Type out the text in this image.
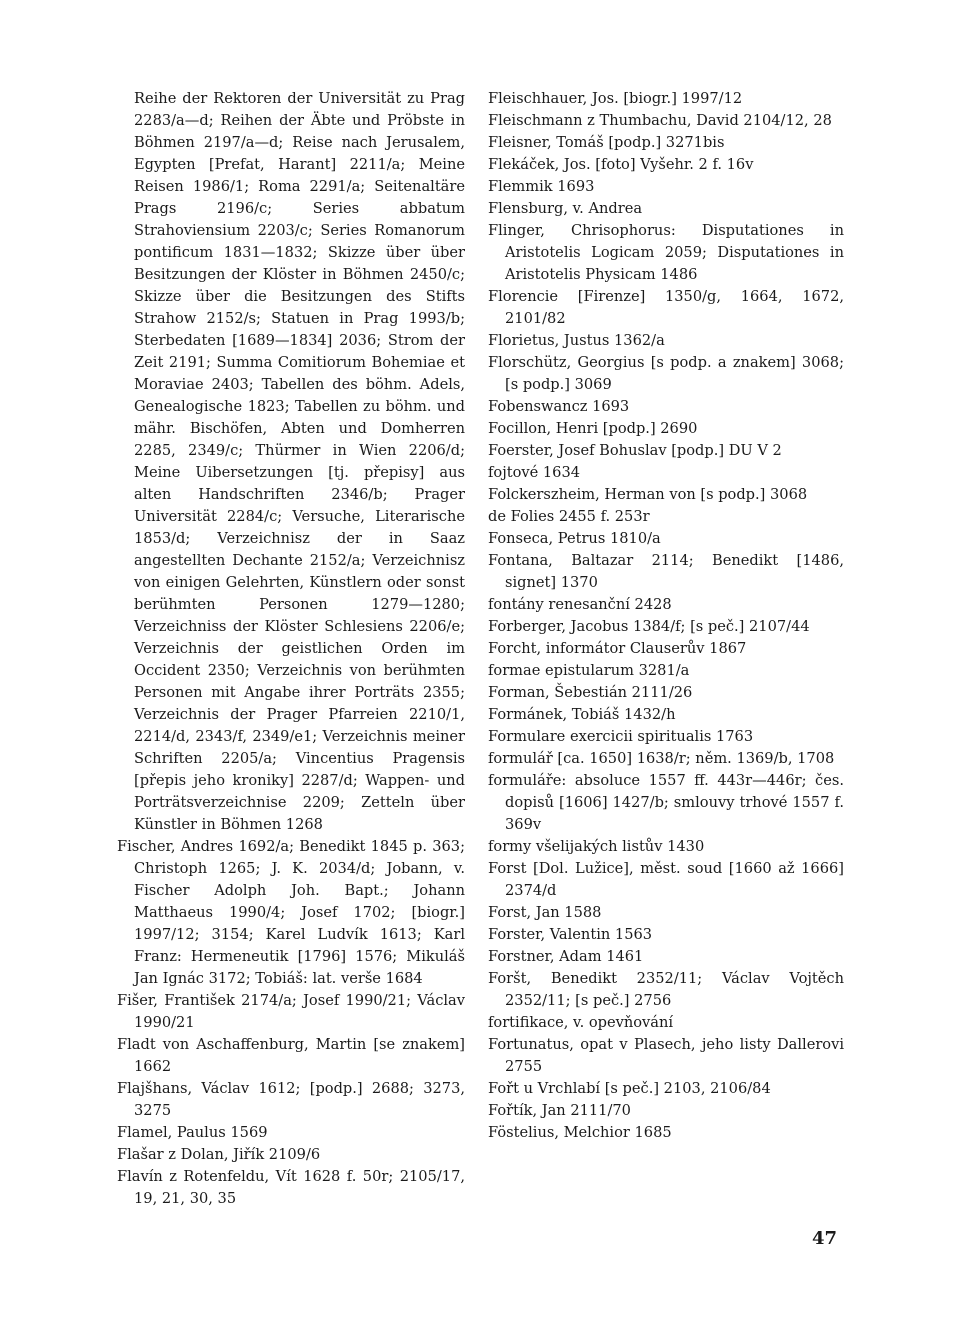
Reihe der Rektoren der Universität zu Prag 2283/a—d; Reihen der Äbte und Pröbste in Böhmen 2197/a—d; Reise nach Jerusalem, Egypten [Prefat, Harant] 2211/a; Meine Reisen 1986/1; Roma 2291/a; Seitenaltäre Prags 2196/c; Series abbatum Strahoviensium 2203/c; Series Romanorum pontificum 1831—1832; Skizze über über Besitzungen der Klöster in Böhmen 2450/c; Skizze über die Besitzungen des Stifts Strahow 2152/s; Statuen in Prag 1993/b; Sterbedaten [1689—1834] 2036; Strom der Zeit 2191; Summa Comitiorum Bohemiae et Moraviae 2403; Tabellen des böhm. Adels, Genealogische 1823; Tabellen zu böhm. und mähr. Bischöfen, Abten und Domherren 2285, 2349/c; Thürmer in Wien 2206/d; Meine Uibersetzungen [tj. přepisy] aus alten Handschriften 2346/b; Prager Universität 2284/c; Versuche, Literarische 1853/d; Verzeichnisz der in Saaz angestellten Dechante 2152/a; Verzeichnisz von einigen Gelehrten, Künstlern oder sonst berühmten Personen 1279—1280; Verzeichniss der Klöster Schlesiens 2206/e; Verzeichnis der geistlichen Orden im Occident 2350; Verzeichnis von berühmten Personen mit Angabe ihrer Porträts 2355; Verzeichnis der Prager Pfarreien 2210/1, 2214/d, 2343/f, 2349/e1; Verzeichnis meiner Schriften 2205/a; Vincentius Pragensis [přepis jeho kroniky] 2287/d; Wappen- und Porträtsverzeichnise 2209; Zetteln über Künstler in Böhmen 1268

Fischer, Andres 1692/a; Benedikt 1845 p. 363; Christoph 1265; J. K. 2034/d; Jobann, v. Fischer Adolph Joh. Bapt.; Johann Matthaeus 1990/4; Josef 1702; [biogr.] 1997/12; 3154; Karel Ludvík 1613; Karl Franz: Hermeneutik [1796] 1576; Mikuláš Jan Ignác 3172; Tobiáš: lat. verše 1684

Fišer, František 2174/a; Josef 1990/21; Václav 1990/21

Fladt von Aschaffenburg, Martin [se znakem] 1662

Flajšhans, Václav 1612; [podp.] 2688; 3273, 3275

Flamel, Paulus 1569

Flašar z Dolan, Jiřík 2109/6

Flavín z Rotenfeldu, Vít 1628 f. 50r; 2105/17, 19, 21, 30, 35

Fleischhauer, Jos. [biogr.] 1997/12

Fleischmann z Thumbachu, David 2104/12, 28

Fleisner, Tomáš [podp.] 3271bis

Flekáček, Jos. [foto] Vyšehr. 2 f. 16v

Flemmik 1693

Flensburg, v. Andrea

Flinger, Chrisophorus: Disputationes in Aristotelis Logicam 2059; Disputationes in Aristotelis Physicam 1486

Florencie [Firenze] 1350/g, 1664, 1672, 2101/82

Florietus, Justus 1362/a

Florschütz, Georgius [s podp. a znakem] 3068; [s podp.] 3069

Fobenswancz 1693

Focillon, Henri [podp.] 2690

Foerster, Josef Bohuslav [podp.] DU V 2

fojtové 1634

Folckerszheim, Herman von [s podp.] 3068

de Folies 2455 f. 253r

Fonseca, Petrus 1810/a

Fontana, Baltazar 2114; Benedikt [1486, signet] 1370

fontány renesanční 2428

Forberger, Jacobus 1384/f; [s peč.] 2107/44

Forcht, informátor Clauserův 1867

formae epistularum 3281/a

Forman, Šebestián 2111/26

Formánek, Tobiáš 1432/h

Formulare exercicii spiritualis 1763

formulář [ca. 1650] 1638/r; něm. 1369/b, 1708

formuláře: absoluce 1557 ff. 443r—446r; čes. dopisů [1606] 1427/b; smlouvy trhové 1557 f. 369v

formy všelijakých listův 1430

Forst [Dol. Lužice], měst. soud [1660 až 1666] 2374/d

Forst, Jan 1588

Forster, Valentin 1563

Forstner, Adam 1461

Foršt, Benedikt 2352/11; Václav Vojtěch 2352/11; [s peč.] 2756

fortifikace, v. opevňování

Fortunatus, opat v Plasech, jeho listy Dallerovi 2755

Fořt u Vrchlabí [s peč.] 2103, 2106/84

Fořtík, Jan 2111/70

Föstelius, Melchior 1685

47
